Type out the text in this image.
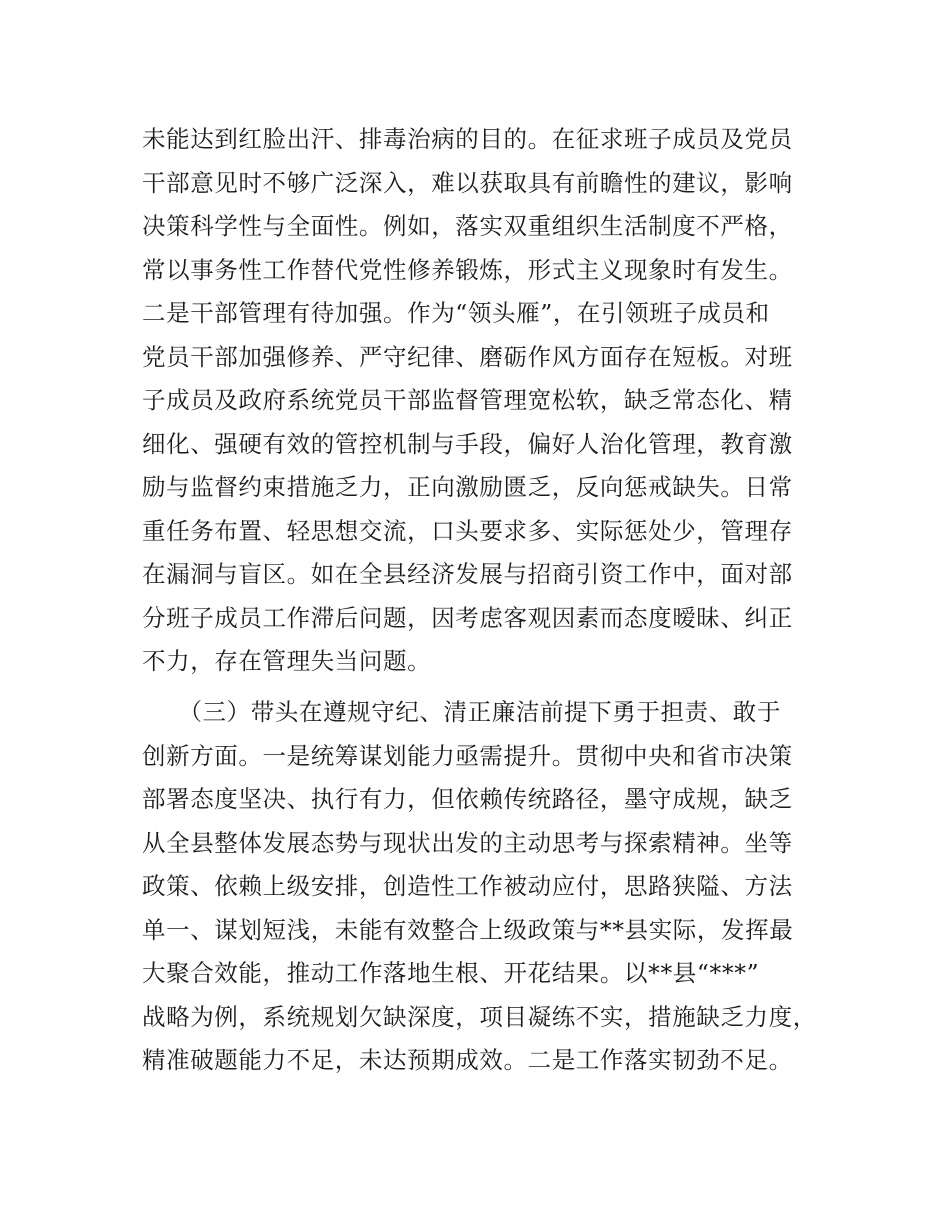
未能达到红脸出汗、排毒治病的目的。在征求班子成员及党员
干部意见时不够广泛深入，难以获取具有前瞻性的建议，影响
决策科学性与全面性。例如，落实双重组织生活制度不严格，
常以事务性工作替代党性修养锻炼，形式主义现象时有发生。
二是干部管理有待加强。作为“领头雁”，在引领班子成员和
党员干部加强修养、严守纪律、磨砺作风方面存在短板。对班
子成员及政府系统党员干部监督管理宽松软，缺乏常态化、精
细化、强硬有效的管控机制与手段，偏好人治化管理，教育激
励与监督约束措施乏力，正向激励匮乏，反向惩戒缺失。日常
重任务布置、轻思想交流，口头要求多、实际惩处少，管理存
在漏洞与盲区。如在全县经济发展与招商引资工作中，面对部
分班子成员工作滞后问题，因考虑客观因素而态度暧昧、纠正
不力，存在管理失当问题。
　　（三）带头在遵规守纪、清正廉洁前提下勇于担责、敢于
创新方面。一是统筹谋划能力亟需提升。贯彻中央和省市决策
部署态度坚决、执行有力，但依赖传统路径，墨守成规，缺乏
从全县整体发展态势与现状出发的主动思考与探索精神。坐等
政策、依赖上级安排，创造性工作被动应付，思路狭隘、方法
单一、谋划短浅，未能有效整合上级政策与**县实际，发挥最
大聚合效能，推动工作落地生根、开花结果。以**县“***”
战略为例，系统规划欠缺深度，项目凝练不实，措施缺乏力度，
精准破题能力不足，未达预期成效。二是工作落实韧劲不足。
